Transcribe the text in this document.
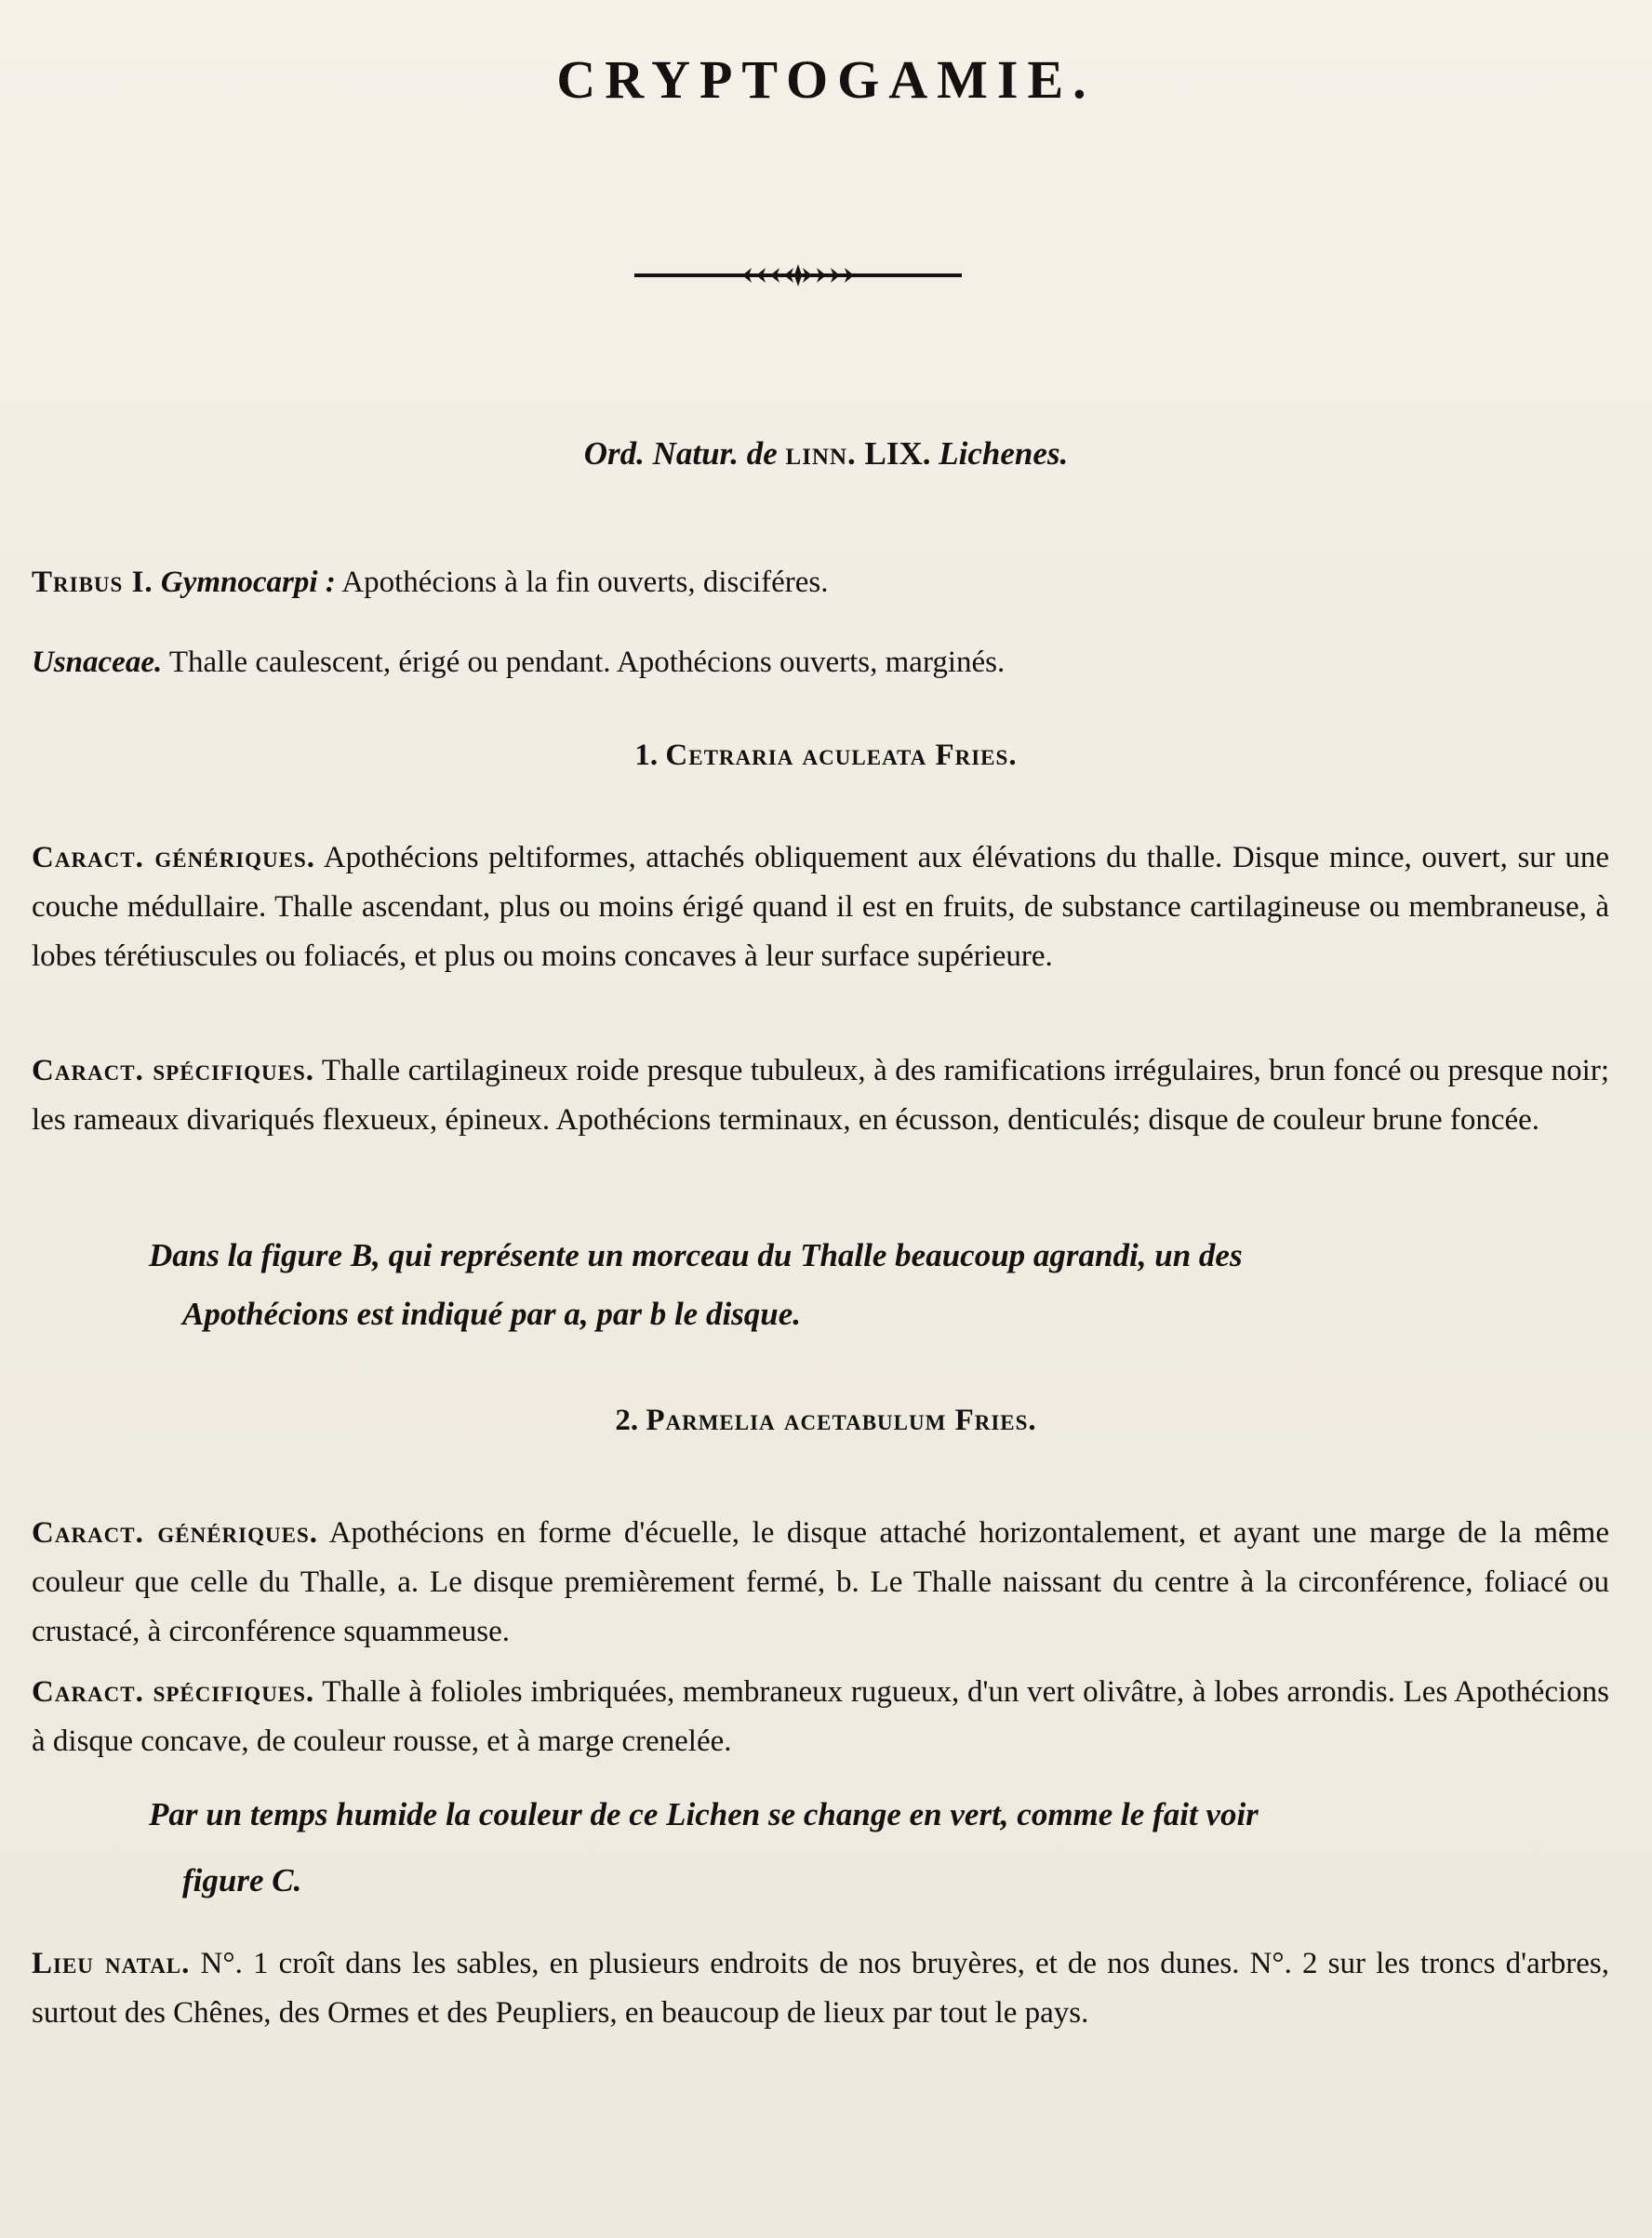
CRYPTOGAMIE.
Ord. Natur. de linn. LIX. Lichenes.
Tribus I. Gymnocarpi : Apothécions à la fin ouverts, disciféres.
Usnaceae. Thalle caulescent, érigé ou pendant. Apothécions ouverts, marginés.
1. Cetraria aculeata Fries.
Caract. génériques. Apothécions peltiformes, attachés obliquement aux élévations du thalle. Disque mince, ouvert, sur une couche médullaire. Thalle ascendant, plus ou moins érigé quand il est en fruits, de substance cartilagineuse ou membraneuse, à lobes térétiuscules ou foliacés, et plus ou moins concaves à leur surface supérieure.
Caract. spécifiques. Thalle cartilagineux roide presque tubuleux, à des ramifications irrégulaires, brun foncé ou presque noir; les rameaux divariqués flexueux, épineux. Apothécions terminaux, en écusson, denticulés; disque de couleur brune foncée.
Dans la figure B, qui représente un morceau du Thalle beaucoup agrandi, un des
Apothécions est indiqué par a, par b le disque.
2. Parmelia acetabulum Fries.
Caract. génériques. Apothécions en forme d'écuelle, le disque attaché horizontalement, et ayant une marge de la même couleur que celle du Thalle, a. Le disque premièrement fermé, b. Le Thalle naissant du centre à la circonférence, foliacé ou crustacé, à circonférence squammeuse.
Caract. spécifiques. Thalle à folioles imbriquées, membraneux rugueux, d'un vert olivâtre, à lobes arrondis. Les Apothécions à disque concave, de couleur rousse, et à marge crenelée.
Par un temps humide la couleur de ce Lichen se change en vert, comme le fait voir
figure C.
Lieu natal. N°. 1 croît dans les sables, en plusieurs endroits de nos bruyères, et de nos dunes. N°. 2 sur les troncs d'arbres, surtout des Chênes, des Ormes et des Peupliers, en beaucoup de lieux par tout le pays.
